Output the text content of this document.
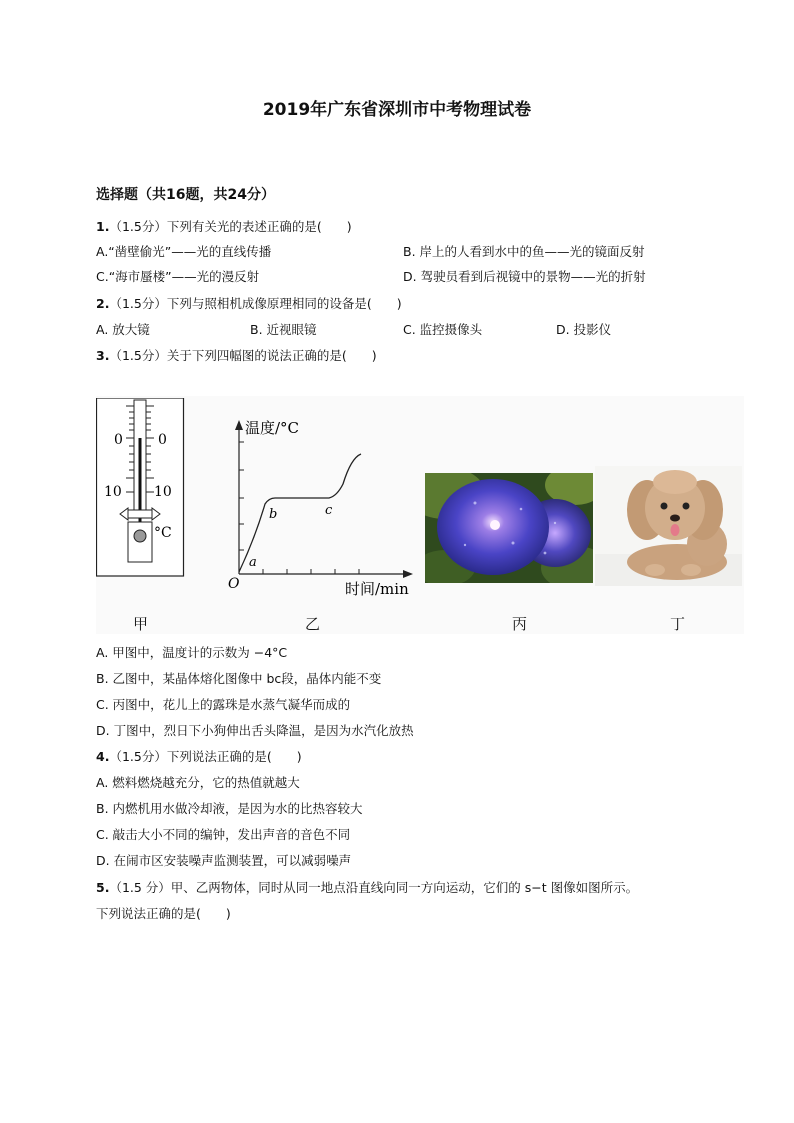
2019年广东省深圳市中考物理试卷
选择题（共16题，共24分）
1.（1.5分）下列有关光的表述正确的是(　　)
A.“凿壁偷光”——光的直线传播	B. 岸上的人看到水中的鱼——光的镜面反射
C.“海市蜃楼”——光的漫反射	D. 驾驶员看到后视镜中的景物——光的折射
2.（1.5分）下列与照相机成像原理相同的设备是(　　)
A. 放大镜	B. 近视眼镜	C. 监控摄像头	D. 投影仪
3.（1.5分）关于下列四幅图的说法正确的是(　　)
0	0
10 10
°C
温度/°C
时间/min
O
a
b	c
甲	乙	丙	丁
A. 甲图中，温度计的示数为 −4°C
B. 乙图中，某晶体熔化图像中 bc段，晶体内能不变
C. 丙图中，花儿上的露珠是水蒸气凝华而成的
D. 丁图中，烈日下小狗伸出舌头降温，是因为水汽化放热
4.（1.5分）下列说法正确的是(　　)
A. 燃料燃烧越充分，它的热值就越大
B. 内燃机用水做冷却液，是因为水的比热容较大
C. 敲击大小不同的编钟，发出声音的音色不同
D. 在闹市区安装噪声监测装置，可以减弱噪声
5.（1.5 分）甲、乙两物体，同时从同一地点沿直线向同一方向运动，它们的 s−t 图像如图所示。
下列说法正确的是(　　)
